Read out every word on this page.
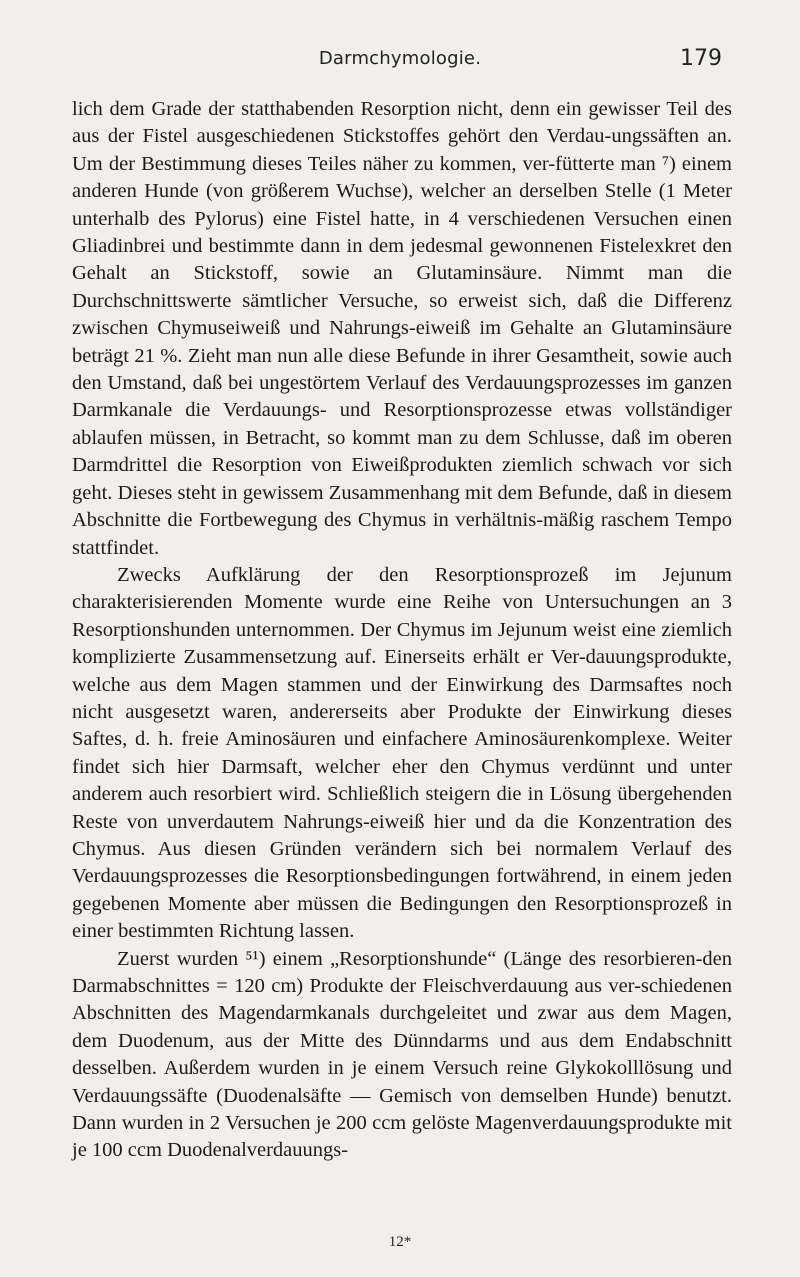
Darmchymologie.	179

lich dem Grade der statthabenden Resorption nicht, denn ein gewisser Teil des aus der Fistel ausgeschiedenen Stickstoffes gehört den Verdau-ungssäften an. Um der Bestimmung dieses Teiles näher zu kommen, ver-fütterte man ⁷) einem anderen Hunde (von größerem Wuchse), welcher an derselben Stelle (1 Meter unterhalb des Pylorus) eine Fistel hatte, in 4 verschiedenen Versuchen einen Gliadinbrei und bestimmte dann in dem jedesmal gewonnenen Fistelexkret den Gehalt an Stickstoff, sowie an Glutaminsäure. Nimmt man die Durchschnittswerte sämtlicher Versuche, so erweist sich, daß die Differenz zwischen Chymuseiweiß und Nahrungs-eiweiß im Gehalte an Glutaminsäure beträgt 21 %. Zieht man nun alle diese Befunde in ihrer Gesamtheit, sowie auch den Umstand, daß bei ungestörtem Verlauf des Verdauungsprozesses im ganzen Darmkanale die Verdauungs- und Resorptionsprozesse etwas vollständiger ablaufen müssen, in Betracht, so kommt man zu dem Schlusse, daß im oberen Darmdrittel die Resorption von Eiweißprodukten ziemlich schwach vor sich geht. Dieses steht in gewissem Zusammenhang mit dem Befunde, daß in diesem Abschnitte die Fortbewegung des Chymus in verhältnis-mäßig raschem Tempo stattfindet.

Zwecks Aufklärung der den Resorptionsprozeß im Jejunum charakterisierenden Momente wurde eine Reihe von Untersuchungen an 3 Resorptionshunden unternommen. Der Chymus im Jejunum weist eine ziemlich komplizierte Zusammensetzung auf. Einerseits erhält er Ver-dauungsprodukte, welche aus dem Magen stammen und der Einwirkung des Darmsaftes noch nicht ausgesetzt waren, andererseits aber Produkte der Einwirkung dieses Saftes, d. h. freie Aminosäuren und einfachere Aminosäurenkomplexe. Weiter findet sich hier Darmsaft, welcher eher den Chymus verdünnt und unter anderem auch resorbiert wird. Schließlich steigern die in Lösung übergehenden Reste von unverdautem Nahrungs-eiweiß hier und da die Konzentration des Chymus. Aus diesen Gründen verändern sich bei normalem Verlauf des Verdauungsprozesses die Resorptionsbedingungen fortwährend, in einem jeden gegebenen Momente aber müssen die Bedingungen den Resorptionsprozeß in einer bestimmten Richtung lassen.

Zuerst wurden ⁵¹) einem „Resorptionshunde“ (Länge des resorbieren-den Darmabschnittes = 120 cm) Produkte der Fleischverdauung aus ver-schiedenen Abschnitten des Magendarmkanals durchgeleitet und zwar aus dem Magen, dem Duodenum, aus der Mitte des Dünndarms und aus dem Endabschnitt desselben. Außerdem wurden in je einem Versuch reine Glykokolllösung und Verdauungssäfte (Duodenalsäfte — Gemisch von demselben Hunde) benutzt. Dann wurden in 2 Versuchen je 200 ccm gelöste Magenverdauungsprodukte mit je 100 ccm Duodenalverdauungs-

12*
